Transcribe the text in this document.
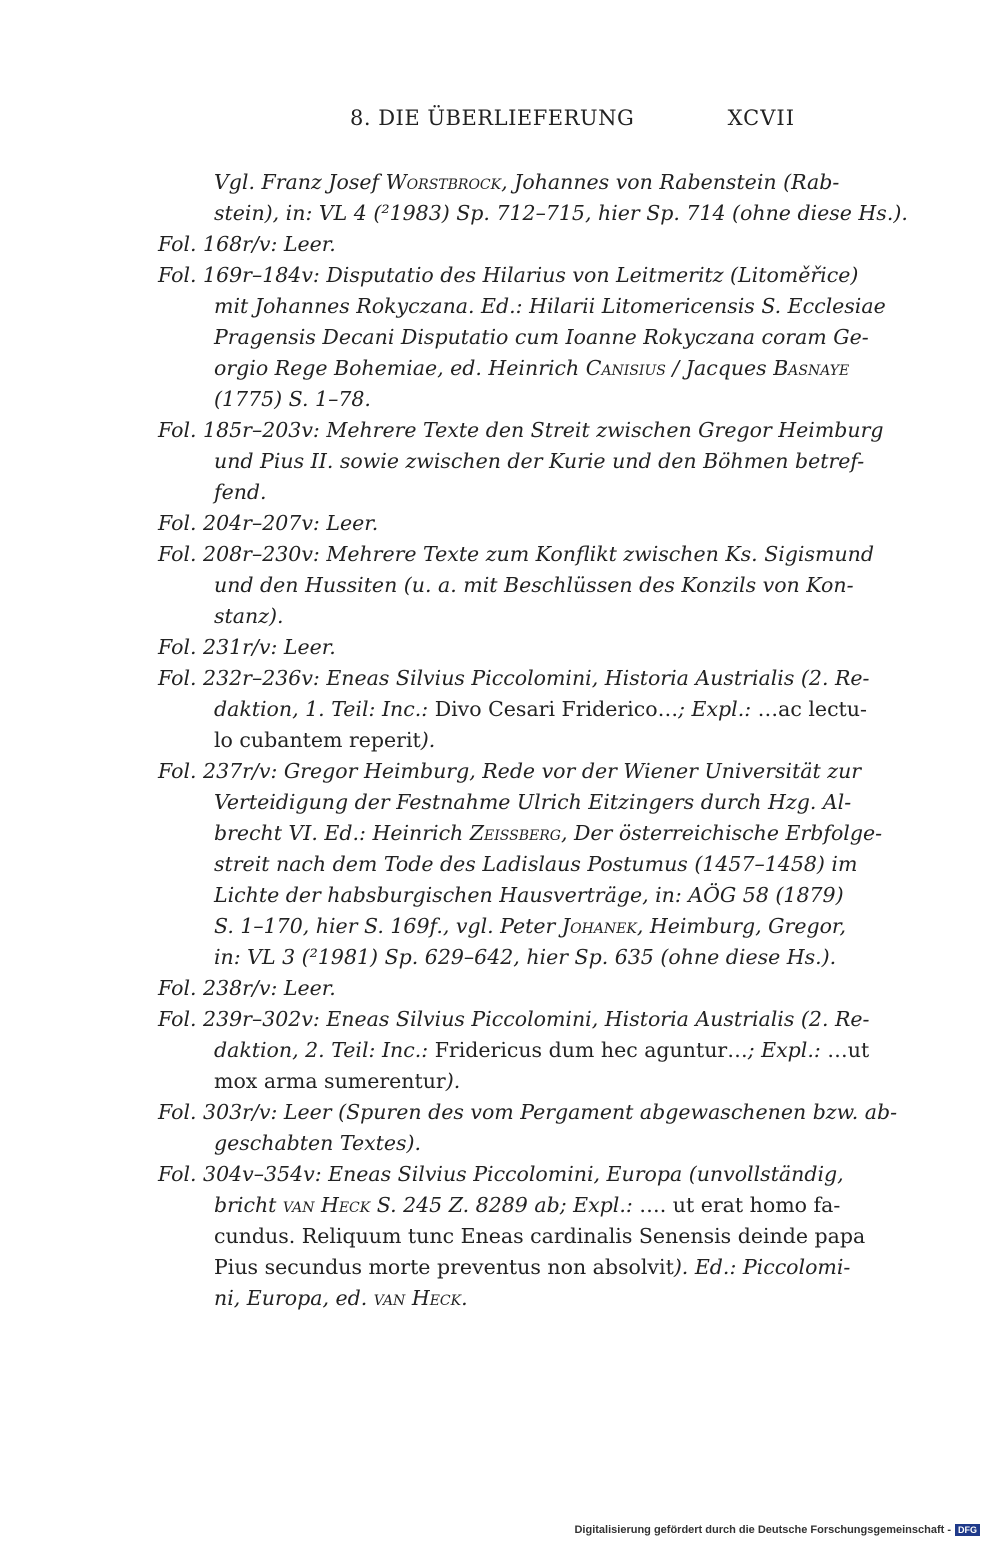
8. DIE ÜBERLIEFERUNG	XCVII
Vgl. Franz Josef Worstbrock, Johannes von Rabenstein (Rab-
stein), in: VL 4 (²1983) Sp. 712–715, hier Sp. 714 (ohne diese Hs.).
Fol. 168r/v: Leer.
Fol. 169r–184v: Disputatio des Hilarius von Leitmeritz (Litoměřice)
mit Johannes Rokyczana. Ed.: Hilarii Litomericensis S. Ecclesiae
Pragensis Decani Disputatio cum Ioanne Rokyczana coram Ge-
orgio Rege Bohemiae, ed. Heinrich Canisius / Jacques Basnaye
(1775) S. 1–78.
Fol. 185r–203v: Mehrere Texte den Streit zwischen Gregor Heimburg
und Pius II. sowie zwischen der Kurie und den Böhmen betref-
fend.
Fol. 204r–207v: Leer.
Fol. 208r–230v: Mehrere Texte zum Konflikt zwischen Ks. Sigismund
und den Hussiten (u. a. mit Beschlüssen des Konzils von Kon-
stanz).
Fol. 231r/v: Leer.
Fol. 232r–236v: Eneas Silvius Piccolomini, Historia Austrialis (2. Re-
daktion, 1. Teil: Inc.: Divo Cesari Friderico…; Expl.: …ac lectu-
lo cubantem reperit).
Fol. 237r/v: Gregor Heimburg, Rede vor der Wiener Universität zur
Verteidigung der Festnahme Ulrich Eitzingers durch Hzg. Al-
brecht VI. Ed.: Heinrich Zeissberg, Der österreichische Erbfolge-
streit nach dem Tode des Ladislaus Postumus (1457–1458) im
Lichte der habsburgischen Hausverträge, in: AÖG 58 (1879)
S. 1–170, hier S. 169f., vgl. Peter Johanek, Heimburg, Gregor,
in: VL 3 (²1981) Sp. 629–642, hier Sp. 635 (ohne diese Hs.).
Fol. 238r/v: Leer.
Fol. 239r–302v: Eneas Silvius Piccolomini, Historia Austrialis (2. Re-
daktion, 2. Teil: Inc.: Fridericus dum hec aguntur…; Expl.: …ut
mox arma sumerentur).
Fol. 303r/v: Leer (Spuren des vom Pergament abgewaschenen bzw. ab-
geschabten Textes).
Fol. 304v–354v: Eneas Silvius Piccolomini, Europa (unvollständig,
bricht van Heck S. 245 Z. 8289 ab; Expl.: …. ut erat homo fa-
cundus. Reliquum tunc Eneas cardinalis Senensis deinde papa
Pius secundus morte preventus non absolvit). Ed.: Piccolomi-
ni, Europa, ed. van Heck.
Digitalisierung gefördert durch die Deutsche Forschungsgemeinschaft - DFG
